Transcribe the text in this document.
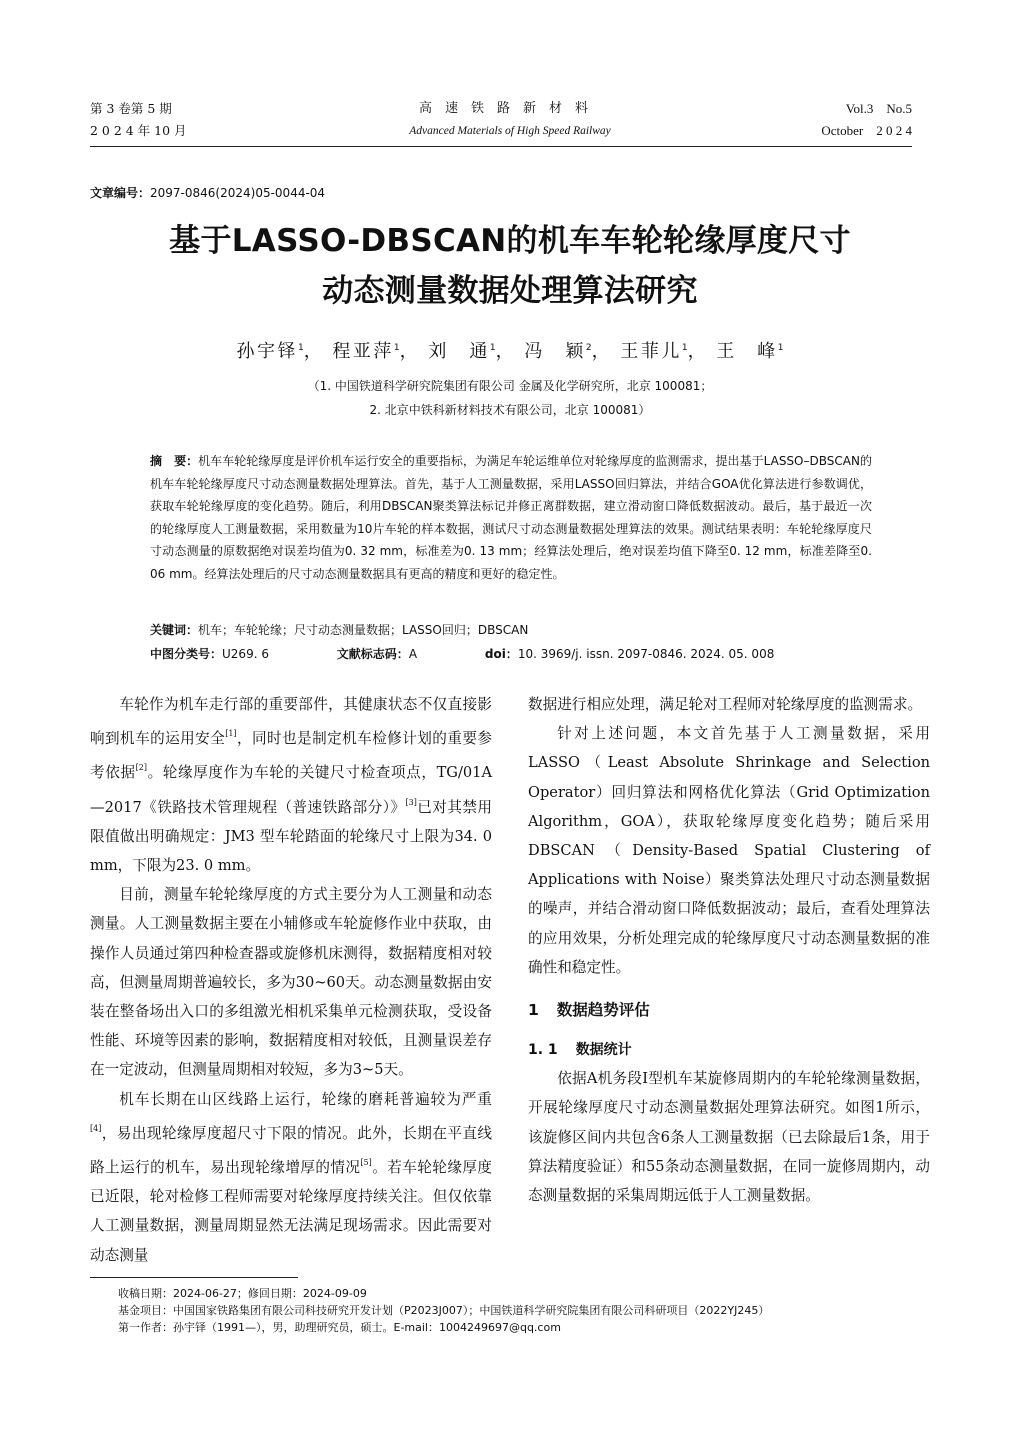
第 3 卷第 5 期
2 0 2 4 年 10 月
高速铁路新材料
Advanced Materials of High Speed Railway
Vol.3    No.5
October    2 0 2 4
文章编号：2097-0846(2024)05-0044-04
基于LASSO-DBSCAN的机车车轮轮缘厚度尺寸
动态测量数据处理算法研究
孙宇铎$^1$， 程亚萍$^1$， 刘　通$^1$， 冯　颖$^2$， 王菲儿$^1$， 王　峰$^1$
（1. 中国铁道科学研究院集团有限公司 金属及化学研究所，北京 100081；
2. 北京中铁科新材料技术有限公司，北京 100081）
摘　要：机车车轮轮缘厚度是评价机车运行安全的重要指标，为满足车轮运维单位对轮缘厚度的监测需求，提出基于LASSO–DBSCAN的机车车轮轮缘厚度尺寸动态测量数据处理算法。首先，基于人工测量数据，采用LASSO回归算法，并结合GOA优化算法进行参数调优，获取车轮轮缘厚度的变化趋势。随后，利用DBSCAN聚类算法标记并修正离群数据，建立滑动窗口降低数据波动。最后，基于最近一次的轮缘厚度人工测量数据，采用数量为10片车轮的样本数据，测试尺寸动态测量数据处理算法的效果。测试结果表明：车轮轮缘厚度尺寸动态测量的原数据绝对误差均值为0. 32 mm，标准差为0. 13 mm；经算法处理后，绝对误差均值下降至0. 12 mm，标准差降至0. 06 mm。经算法处理后的尺寸动态测量数据具有更高的精度和更好的稳定性。
关键词：机车；车轮轮缘；尺寸动态测量数据；LASSO回归；DBSCAN
中图分类号：U269. 6	文献标志码：A	doi：10. 3969/j. issn. 2097-0846. 2024. 05. 008

车轮作为机车走行部的重要部件，其健康状态不仅直接影响到机车的运用安全[1]，同时也是制定机车检修计划的重要参考依据[2]。轮缘厚度作为车轮的关键尺寸检查项点，TG/01A—2017《铁路技术管理规程（普速铁路部分）》[3]已对其禁用限值做出明确规定：JM3 型车轮踏面的轮缘尺寸上限为34. 0 mm，下限为23. 0 mm。

目前，测量车轮轮缘厚度的方式主要分为人工测量和动态测量。人工测量数据主要在小辅修或车轮旋修作业中获取，由操作人员通过第四种检查器或旋修机床测得，数据精度相对较高，但测量周期普遍较长，多为30~60天。动态测量数据由安装在整备场出入口的多组激光相机采集单元检测获取，受设备性能、环境等因素的影响，数据精度相对较低，且测量误差存在一定波动，但测量周期相对较短，多为3~5天。

机车长期在山区线路上运行，轮缘的磨耗普遍较为严重[4]，易出现轮缘厚度超尺寸下限的情况。此外，长期在平直线路上运行的机车，易出现轮缘增厚的情况[5]。若车轮轮缘厚度已近限，轮对检修工程师需要对轮缘厚度持续关注。但仅依靠人工测量数据，测量周期显然无法满足现场需求。因此需要对动态测量

数据进行相应处理，满足轮对工程师对轮缘厚度的监测需求。

针对上述问题，本文首先基于人工测量数据，采用LASSO（Least Absolute Shrinkage and Selection Operator）回归算法和网格优化算法（Grid Optimization Algorithm，GOA），获取轮缘厚度变化趋势；随后采用 DBSCAN（Density-Based Spatial Clustering of Applications with Noise）聚类算法处理尺寸动态测量数据的噪声，并结合滑动窗口降低数据波动；最后，查看处理算法的应用效果，分析处理完成的轮缘厚度尺寸动态测量数据的准确性和稳定性。

1 数据趋势评估
1. 1 数据统计

依据A机务段Ⅰ型机车某旋修周期内的车轮轮缘测量数据，开展轮缘厚度尺寸动态测量数据处理算法研究。如图1所示，该旋修区间内共包含6条人工测量数据（已去除最后1条，用于算法精度验证）和55条动态测量数据，在同一旋修周期内，动态测量数据的采集周期远低于人工测量数据。

收稿日期：2024-06-27；修回日期：2024-09-09
基金项目：中国国家铁路集团有限公司科技研究开发计划（P2023J007）；中国铁道科学研究院集团有限公司科研项目（2022YJ245）
第一作者：孙宇铎（1991—），男，助理研究员，硕士。E-mail：1004249697@qq.com
